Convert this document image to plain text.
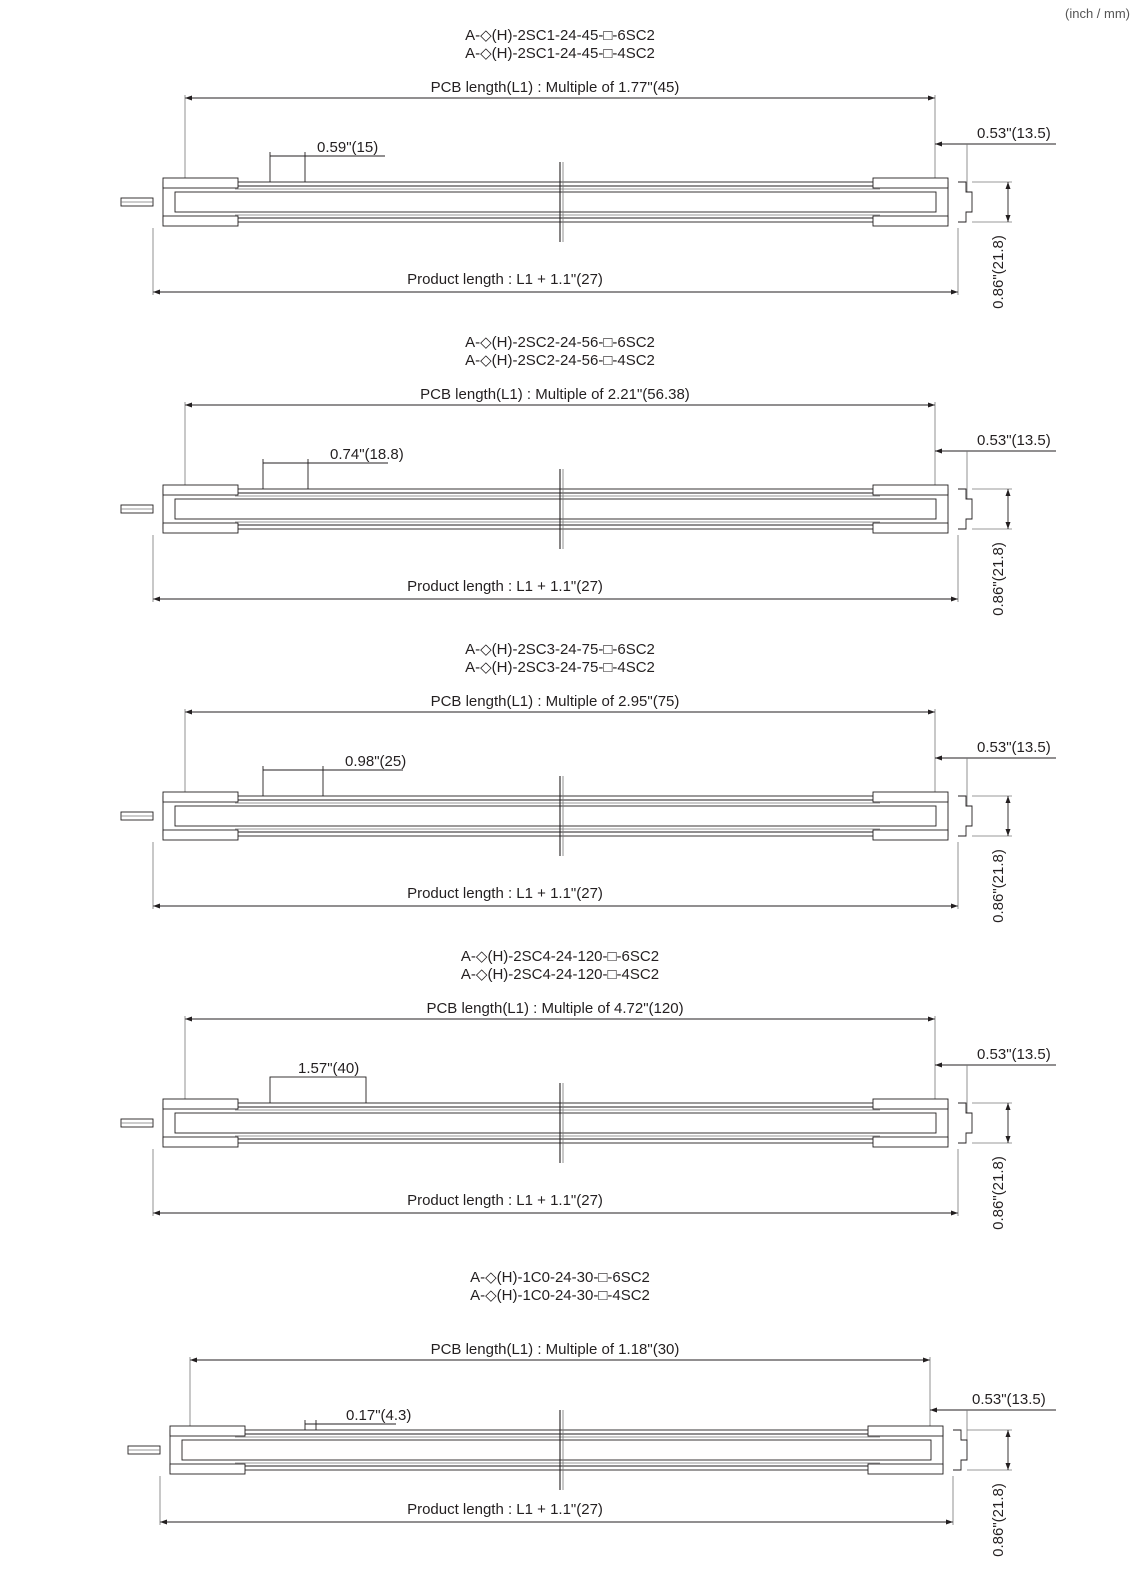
(inch / mm)
A-◇(H)-2SC1-24-45-□-6SC2
A-◇(H)-2SC1-24-45-□-4SC2
PCB length(L1) : Multiple of 1.77"(45)
0.53"(13.5)
0.59"(15)
0.86"(21.8)
Product length : L1 + 1.1"(27)
A-◇(H)-2SC2-24-56-□-6SC2
A-◇(H)-2SC2-24-56-□-4SC2
PCB length(L1) : Multiple of 2.21"(56.38)
0.53"(13.5)
0.74"(18.8)
0.86"(21.8)
Product length : L1 + 1.1"(27)
A-◇(H)-2SC3-24-75-□-6SC2
A-◇(H)-2SC3-24-75-□-4SC2
PCB length(L1) : Multiple of 2.95"(75)
0.53"(13.5)
0.98"(25)
0.86"(21.8)
Product length : L1 + 1.1"(27)
A-◇(H)-2SC4-24-120-□-6SC2
A-◇(H)-2SC4-24-120-□-4SC2
PCB length(L1) : Multiple of 4.72"(120)
0.53"(13.5)
1.57"(40)
0.86"(21.8)
Product length : L1 + 1.1"(27)
A-◇(H)-1C0-24-30-□-6SC2
A-◇(H)-1C0-24-30-□-4SC2
PCB length(L1) : Multiple of 1.18"(30)
0.53"(13.5)
0.17"(4.3)
0.86"(21.8)
Product length : L1 + 1.1"(27)
